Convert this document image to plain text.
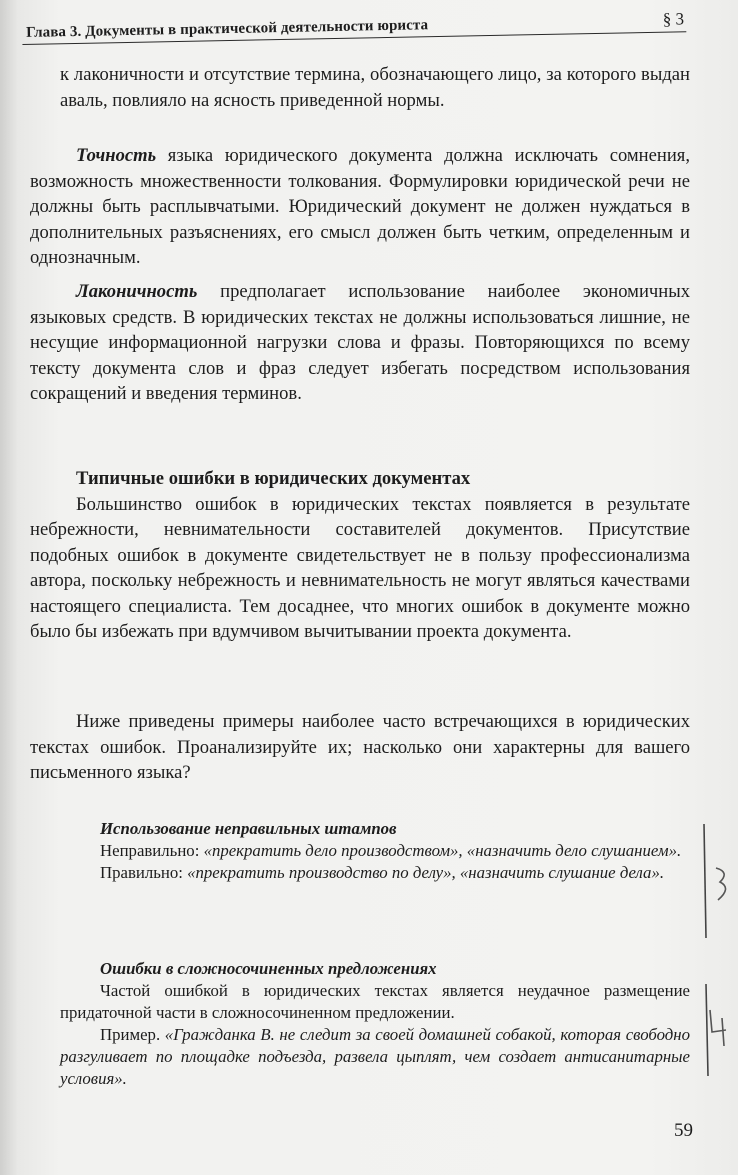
Глава 3. Документы в практической деятельности юриста	§ 3

к лаконичности и отсутствие термина, обозначающего лицо, за которого выдан аваль, повлияло на ясность приведенной нормы.

Точность языка юридического документа должна исключать сомнения, возможность множественности толкования. Формулировки юридической речи не должны быть расплывчатыми. Юридический документ не должен нуждаться в дополнительных разъяснениях, его смысл должен быть четким, определенным и однозначным.

Лаконичность предполагает использование наиболее экономичных языковых средств. В юридических текстах не должны использоваться лишние, не несущие информационной нагрузки слова и фразы. Повторяющихся по всему тексту документа слов и фраз следует избегать посредством использования сокращений и введения терминов.

Типичные ошибки в юридических документах

Большинство ошибок в юридических текстах появляется в результате небрежности, невнимательности составителей документов. Присутствие подобных ошибок в документе свидетельствует не в пользу профессионализма автора, поскольку небрежность и невнимательность не могут являться качествами настоящего специалиста. Тем досаднее, что многих ошибок в документе можно было бы избежать при вдумчивом вычитывании проекта документа.

Ниже приведены примеры наиболее часто встречающихся в юридических текстах ошибок. Проанализируйте их; насколько они характерны для вашего письменного языка?

Использование неправильных штампов

Неправильно: «прекратить дело производством», «назначить дело слушанием».

Правильно: «прекратить производство по делу», «назначить слушание дела».

Ошибки в сложносочиненных предложениях

Частой ошибкой в юридических текстах является неудачное размещение придаточной части в сложносочиненном предложении.

Пример. «Гражданка В. не следит за своей домашней собакой, которая свободно разгуливает по площадке подъезда, развела цыплят, чем создает антисанитарные условия».

59
